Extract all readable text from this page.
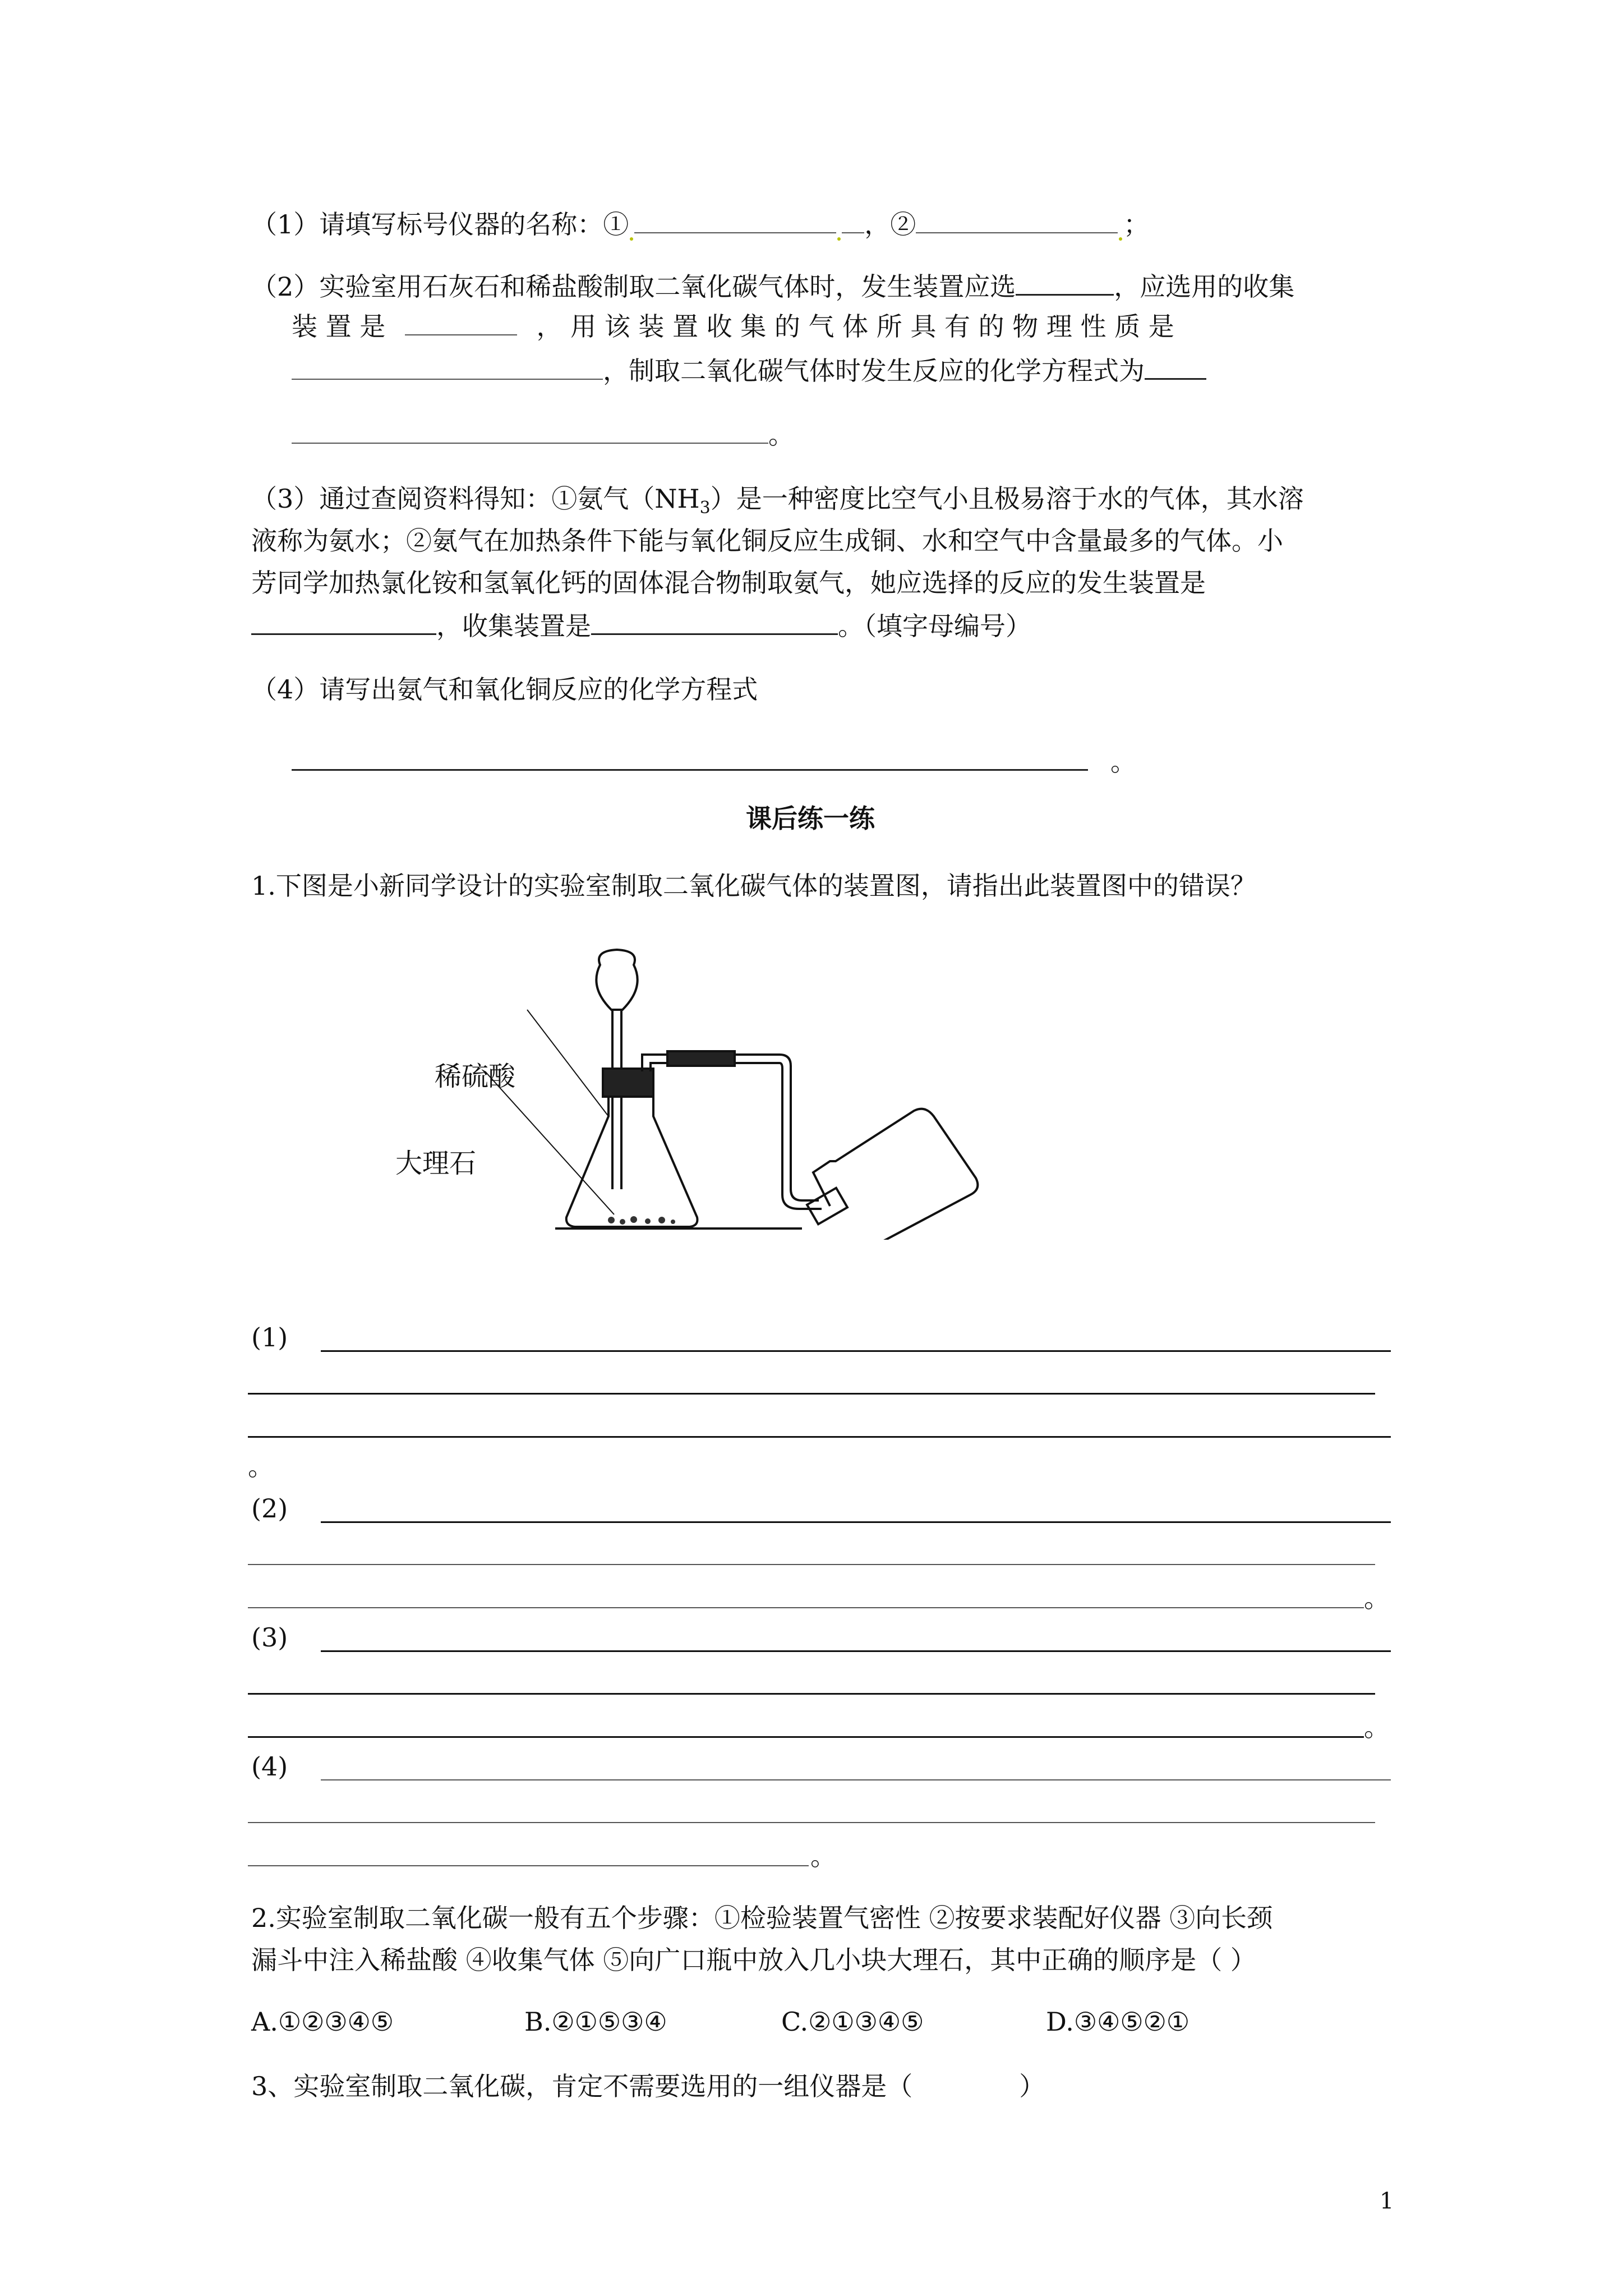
（1）请填写标号仪器的名称：①	，②	；
（2）实验室用石灰石和稀盐酸制取二氧化碳气体时，发生装置应选	，应选用的收集
装 置 是	， 用 该 装 置 收 集 的 气 体 所 具 有 的 物 理 性 质 是
，制取二氧化碳气体时发生反应的化学方程式为
。
（3）通过查阅资料得知：①氨气$(NH_3)$是一种密度比空气小且极易溶于水的气体，其水溶
液称为氨水；②氨气在加热条件下能与氧化铜反应生成铜、水和空气中含量最多的气体。小
芳同学加热氯化铵和氢氧化钙的固体混合物制取氨气，她应选择的反应的发生装置是
，收集装置是	。（填字母编号）
（4）请写出氨气和氧化铜反应的化学方程式
。
课后练一练
1.下图是小新同学设计的实验室制取二氧化碳气体的装置图，请指出此装置图中的错误？
稀硫酸
大理石
(1)
。
(2)
。
(3)
。
(4)
。
2.实验室制取二氧化碳一般有五个步骤：①检验装置气密性 ②按要求装配好仪器 ③向长颈
漏斗中注入稀盐酸 ④收集气体 ⑤向广口瓶中放入几小块大理石，其中正确的顺序是（ ）
A.①②③④⑤	B.②①⑤③④	C.②①③④⑤	D.③④⑤②①
3、实验室制取二氧化碳，肯定不需要选用的一组仪器是（	）
1
